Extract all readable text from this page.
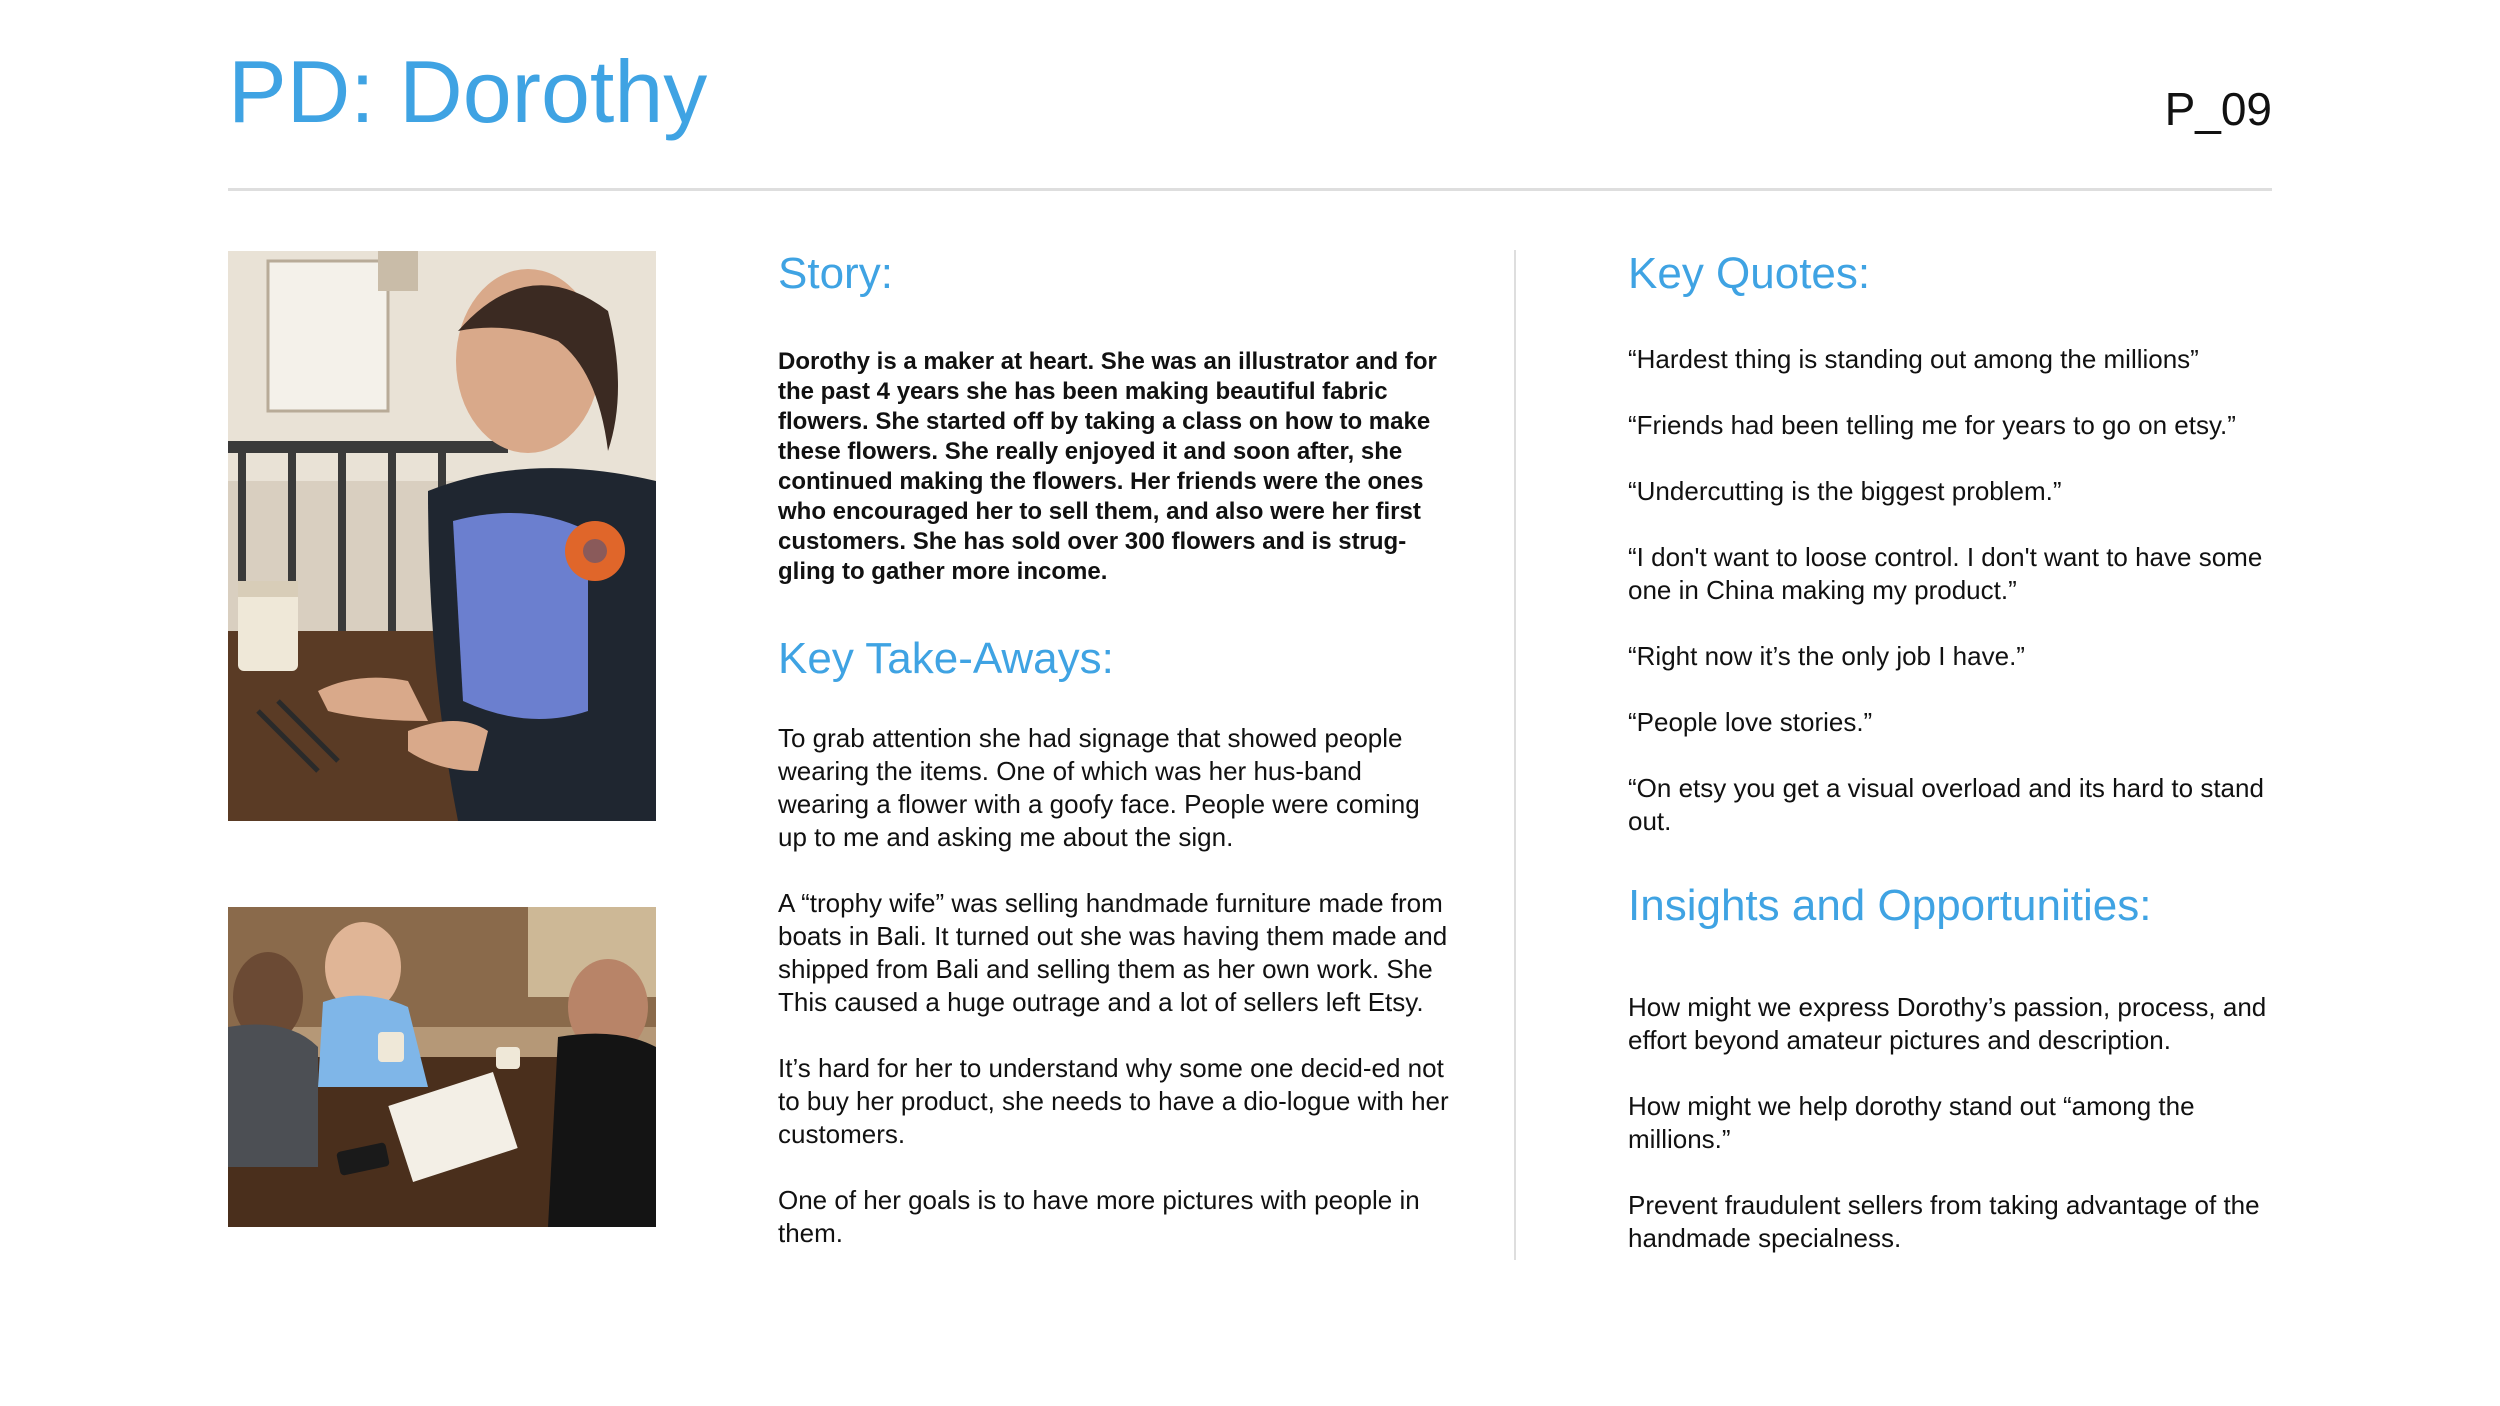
PD: Dorothy	P_09
Story:

Dorothy is a maker at heart. She was an illustrator and for the past 4 years she has been making beautiful fabric flowers. She started off by taking a class on how to make these flowers. She really enjoyed it and soon after, she continued making the flowers. Her friends were the ones who encouraged her to sell them, and also were her first customers. She has sold over 300 flowers and is strug-gling to gather more income.

Key Take-Aways:

To grab attention she had signage that showed people wearing the items. One of which was her hus-band wearing a flower with a goofy face. People were coming up to me and asking me about the sign.

A “trophy wife” was selling handmade furniture made from boats in Bali. It turned out she was having them made and shipped from Bali and selling them as her own work. She This caused a huge outrage and a lot of sellers left Etsy.

It’s hard for her to understand why some one decid-ed not to buy her product, she needs to have a dio-logue with her customers.

One of her goals is to have more pictures with people in them.

Key Quotes:

“Hardest thing is standing out among the millions”

“Friends had been telling me for years to go on etsy.”

“Undercutting is the biggest problem.”

“I don't want to loose control. I don't want to have some one in China making my product.”

“Right now it’s the only job I have.”

“People love stories.”

“On etsy you get a visual overload and its hard to stand out.

Insights and Opportunities:

How might we express Dorothy’s passion, process, and effort beyond amateur pictures and description.

How might we help dorothy stand out “among the millions.”

Prevent fraudulent sellers from taking advantage of the handmade specialness.
